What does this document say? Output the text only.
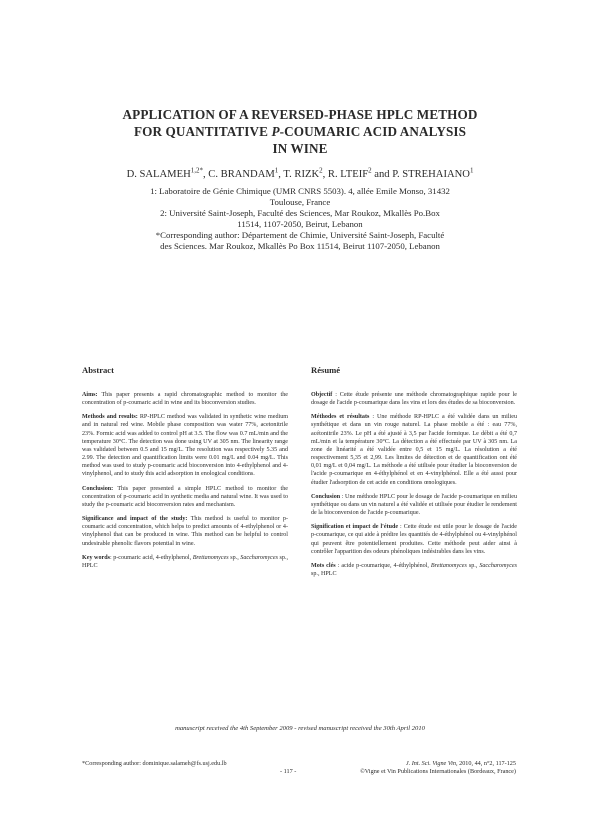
APPLICATION OF A REVERSED-PHASE HPLC METHOD
FOR QUANTITATIVE P-COUMARIC ACID ANALYSIS
IN WINE
D. $SALAMEH^{1,2*}$, C. BRANDAM$^1$, T. RIZK$^2$, R. LTEIF$^2$ and P. STREHAIANO$^1$

1: Laboratoire de Génie Chimique (UMR CNRS 5503). 4, allée Emile Monso, 31432 Toulouse, France

2: Université Saint-Joseph, Faculté des Sciences, Mar Roukoz, Mkallès Po.Box 11514, 1107-2050, Beirut, Lebanon

*Corresponding author: Département de Chimie, Université Saint-Joseph, Faculté des Sciences. Mar Roukoz, Mkallès Po Box 11514, Beirut 1107-2050, Lebanon

Abstract	Résumé

Aims: This paper presents a rapid chromatographic method to monitor the concentration of p-coumaric acid in wine and its bioconversion studies.

Methods and results: RP-HPLC method was validated in synthetic wine medium and in natural red wine. Mobile phase composition was water 77%, acetonitrile 23%. Formic acid was added to control pH at 3.5. The flow was 0.7 mL/min and the temperature 30°C. The detection was done using UV at 305 nm. The linearity range was validated between 0.5 and 15 mg/L. The resolution was respectively 5.35 and 2.99. The detection and quantification limits were 0.01 mg/L and 0.04 mg/L. This method was used to study p-coumaric acid bioconversion into 4-ethylphenol and 4-vinylphenol, and to study this acid adsorption in enological conditions.

Conclusion: This paper presented a simple HPLC method to monitor the concentration of p-coumaric acid in synthetic media and natural wine. It was used to study the p-coumaric acid bioconversion rates and mechanism.

Significance and impact of the study: This method is useful to monitor p-coumaric acid concentration, which helps to predict amounts of 4-ethylphenol or 4-vinylphenol that can be produced in wine. This method can be helpful to control undesirable phenolic flavors potential in wine.

Key words: p-coumaric acid, 4-ethylphenol, Brettanomyces sp., Saccharomyces sp., HPLC

Objectif : Cette étude présente une méthode chromatographique rapide pour le dosage de l'acide p-coumarique dans les vins et lors des études de sa bioconversion.

Méthodes et résultats : Une méthode RP-HPLC a été validée dans un milieu synthétique et dans un vin rouge naturel. La phase mobile a été : eau 77%, acétonitrile 23%. Le pH a été ajusté à 3,5 par l'acide formique. Le débit a été 0,7 mL/min et la température 30°C. La détection a été effectuée par UV à 305 nm. La zone de linéarité a été validée entre 0,5 et 15 mg/L. La résolution a été respectivement 5,35 et 2,99. Les limites de détection et de quantification ont été 0,01 mg/L et 0,04 mg/L. La méthode a été utilisée pour étudier la bioconversion de l'acide p-coumarique en 4-éthylphénol et en 4-vinylphénol. Elle a été aussi pour étudier l'adsorption de cet acide en conditions œnologiques.

Conclusion : Une méthode HPLC pour le dosage de l'acide p-coumarique en milieu synthétique ou dans un vin naturel a été validée et utilisée pour étudier le rendement de la bioconversion de l'acide p-coumarique.

Signification et impact de l'étude : Cette étude est utile pour le dosage de l'acide p-coumarique, ce qui aide à prédire les quantités de 4-éthylphénol ou 4-vinylphénol qui peuvent être potentiellement produites. Cette méthode peut aider ainsi à contrôler l'apparition des odeurs phénoliques indésirables dans les vins.

Mots clés : acide p-coumarique, 4-éthylphénol, Brettanomyces sp., Saccharomyces sp., HPLC

manuscript received the 4th September 2009 - revised manuscript received the 30th April 2010
*Corresponding author: dominique.salameh@fs.usj.edu.lb
- 117 -
J. Int. Sci. Vigne Vin, 2010, 44, n°2, 117-125
©Vigne et Vin Publications Internationales (Bordeaux, France)
